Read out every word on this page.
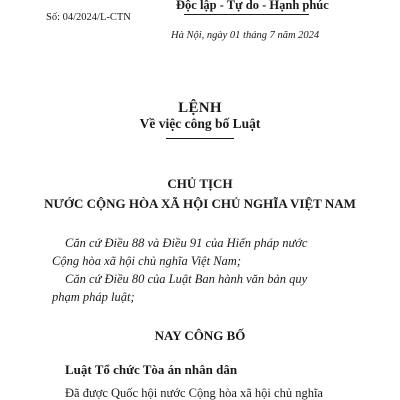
Độc lập - Tự do - Hạnh phúc
Số: 04/2024/L-CTN
Hà Nội, ngày 01 tháng 7 năm 2024
LỆNH
Về việc công bố Luật
CHỦ TỊCH
NƯỚC CỘNG HÒA XÃ HỘI CHỦ NGHĨA VIỆT NAM
Căn cứ Điều 88 và Điều 91 của Hiến pháp nước
Cộng hòa xã hội chủ nghĩa Việt Nam;
Căn cứ Điều 80 của Luật Ban hành văn bản quy
phạm pháp luật;
NAY CÔNG BỐ
Luật Tổ chức Tòa án nhân dân
Đã được Quốc hội nước Cộng hòa xã hội chủ nghĩa
